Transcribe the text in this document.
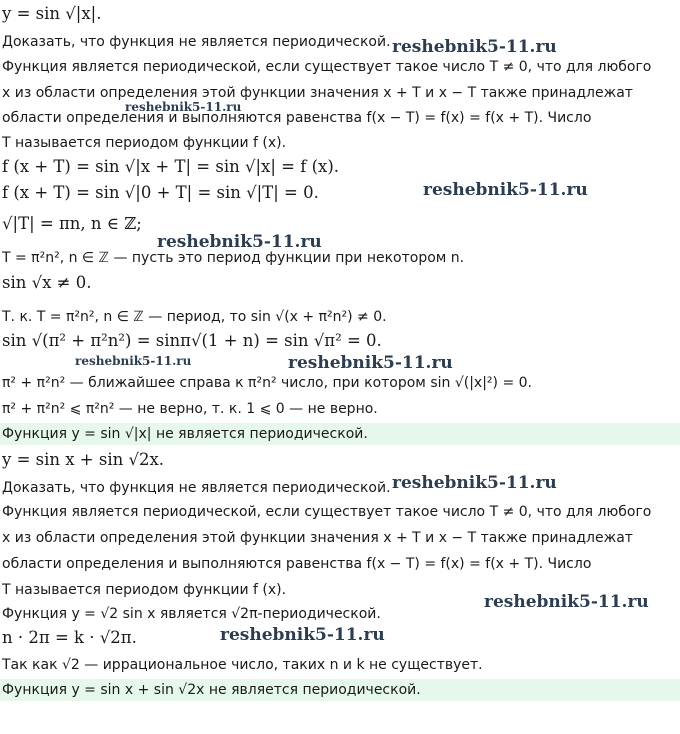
y = sin √|x|.
Доказать, что функция не является периодической.
Функция является периодической, если существует такое число T ≠ 0, что для любого
x из области определения этой функции значения x + T и x − T также принадлежат
области определения и выполняются равенства f(x − T) = f(x) = f(x + T). Число
T называется периодом функции f (x).
f (x + T) = sin √|x + T| = sin √|x| = f (x).
f (x + T) = sin √|0 + T| = sin √|T| = 0.
√|T| = πn, n ∈ ℤ;
T = π²n², n ∈ ℤ — пусть это период функции при некотором n.
sin √x ≠ 0.
Т. к. T = π²n², n ∈ ℤ — период, то sin √(x + π²n²) ≠ 0.
sin √(π² + π²n²) = sinπ√(1 + n) = sin √π² = 0.
π² + π²n² — ближайшее справа к π²n² число, при котором sin √(|x|²) = 0.
π² + π²n² ⩽ π²n² — не верно, т. к. 1 ⩽ 0 — не верно.
Функция y = sin √|x| не является периодической.
y = sin x + sin √2x.
Доказать, что функция не является периодической.
Функция является периодической, если существует такое число T ≠ 0, что для любого
x из области определения этой функции значения x + T и x − T также принадлежат
области определения и выполняются равенства f(x − T) = f(x) = f(x + T). Число
T называется периодом функции f (x).
Функция y = √2 sin x является √2π-периодической.
n · 2π = k · √2π.
Так как √2 — иррациональное число, таких n и k не существует.
Функция y = sin x + sin √2x не является периодической.
reshebnik5-11.ru
reshebnik5-11.ru
reshebnik5-11.ru
reshebnik5-11.ru
reshebnik5-11.ru	reshebnik5-11.ru
reshebnik5-11.ru
reshebnik5-11.ru
reshebnik5-11.ru
